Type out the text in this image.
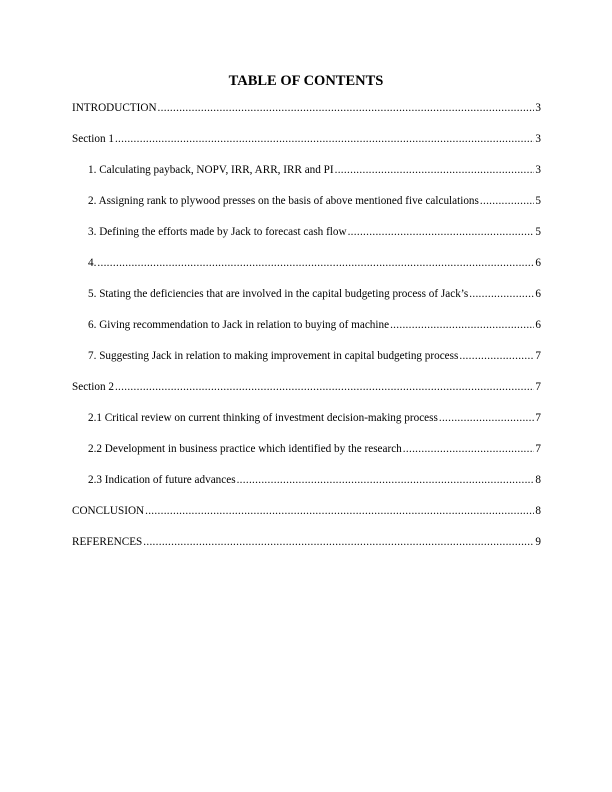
TABLE OF CONTENTS
INTRODUCTION .....	3
Section 1 .....	3
1. Calculating payback, NOPV, IRR, ARR, IRR and PI .....	3
2. Assigning rank to plywood presses on the basis of above mentioned five calculations .....	5
3. Defining the efforts made by Jack to forecast cash flow .....	5
4. .....	6
5. Stating the deficiencies that are involved in the capital budgeting process of Jack’s .....	6
6. Giving recommendation to Jack in relation to buying of machine .....	6
7. Suggesting Jack in relation to making improvement in capital budgeting process .....	7
Section 2 .....	7
2.1 Critical review on current thinking of investment decision-making process .....	7
2.2 Development in business practice which identified by the research .....	7
2.3 Indication of future advances .....	8
CONCLUSION .....	8
REFERENCES .....	9
